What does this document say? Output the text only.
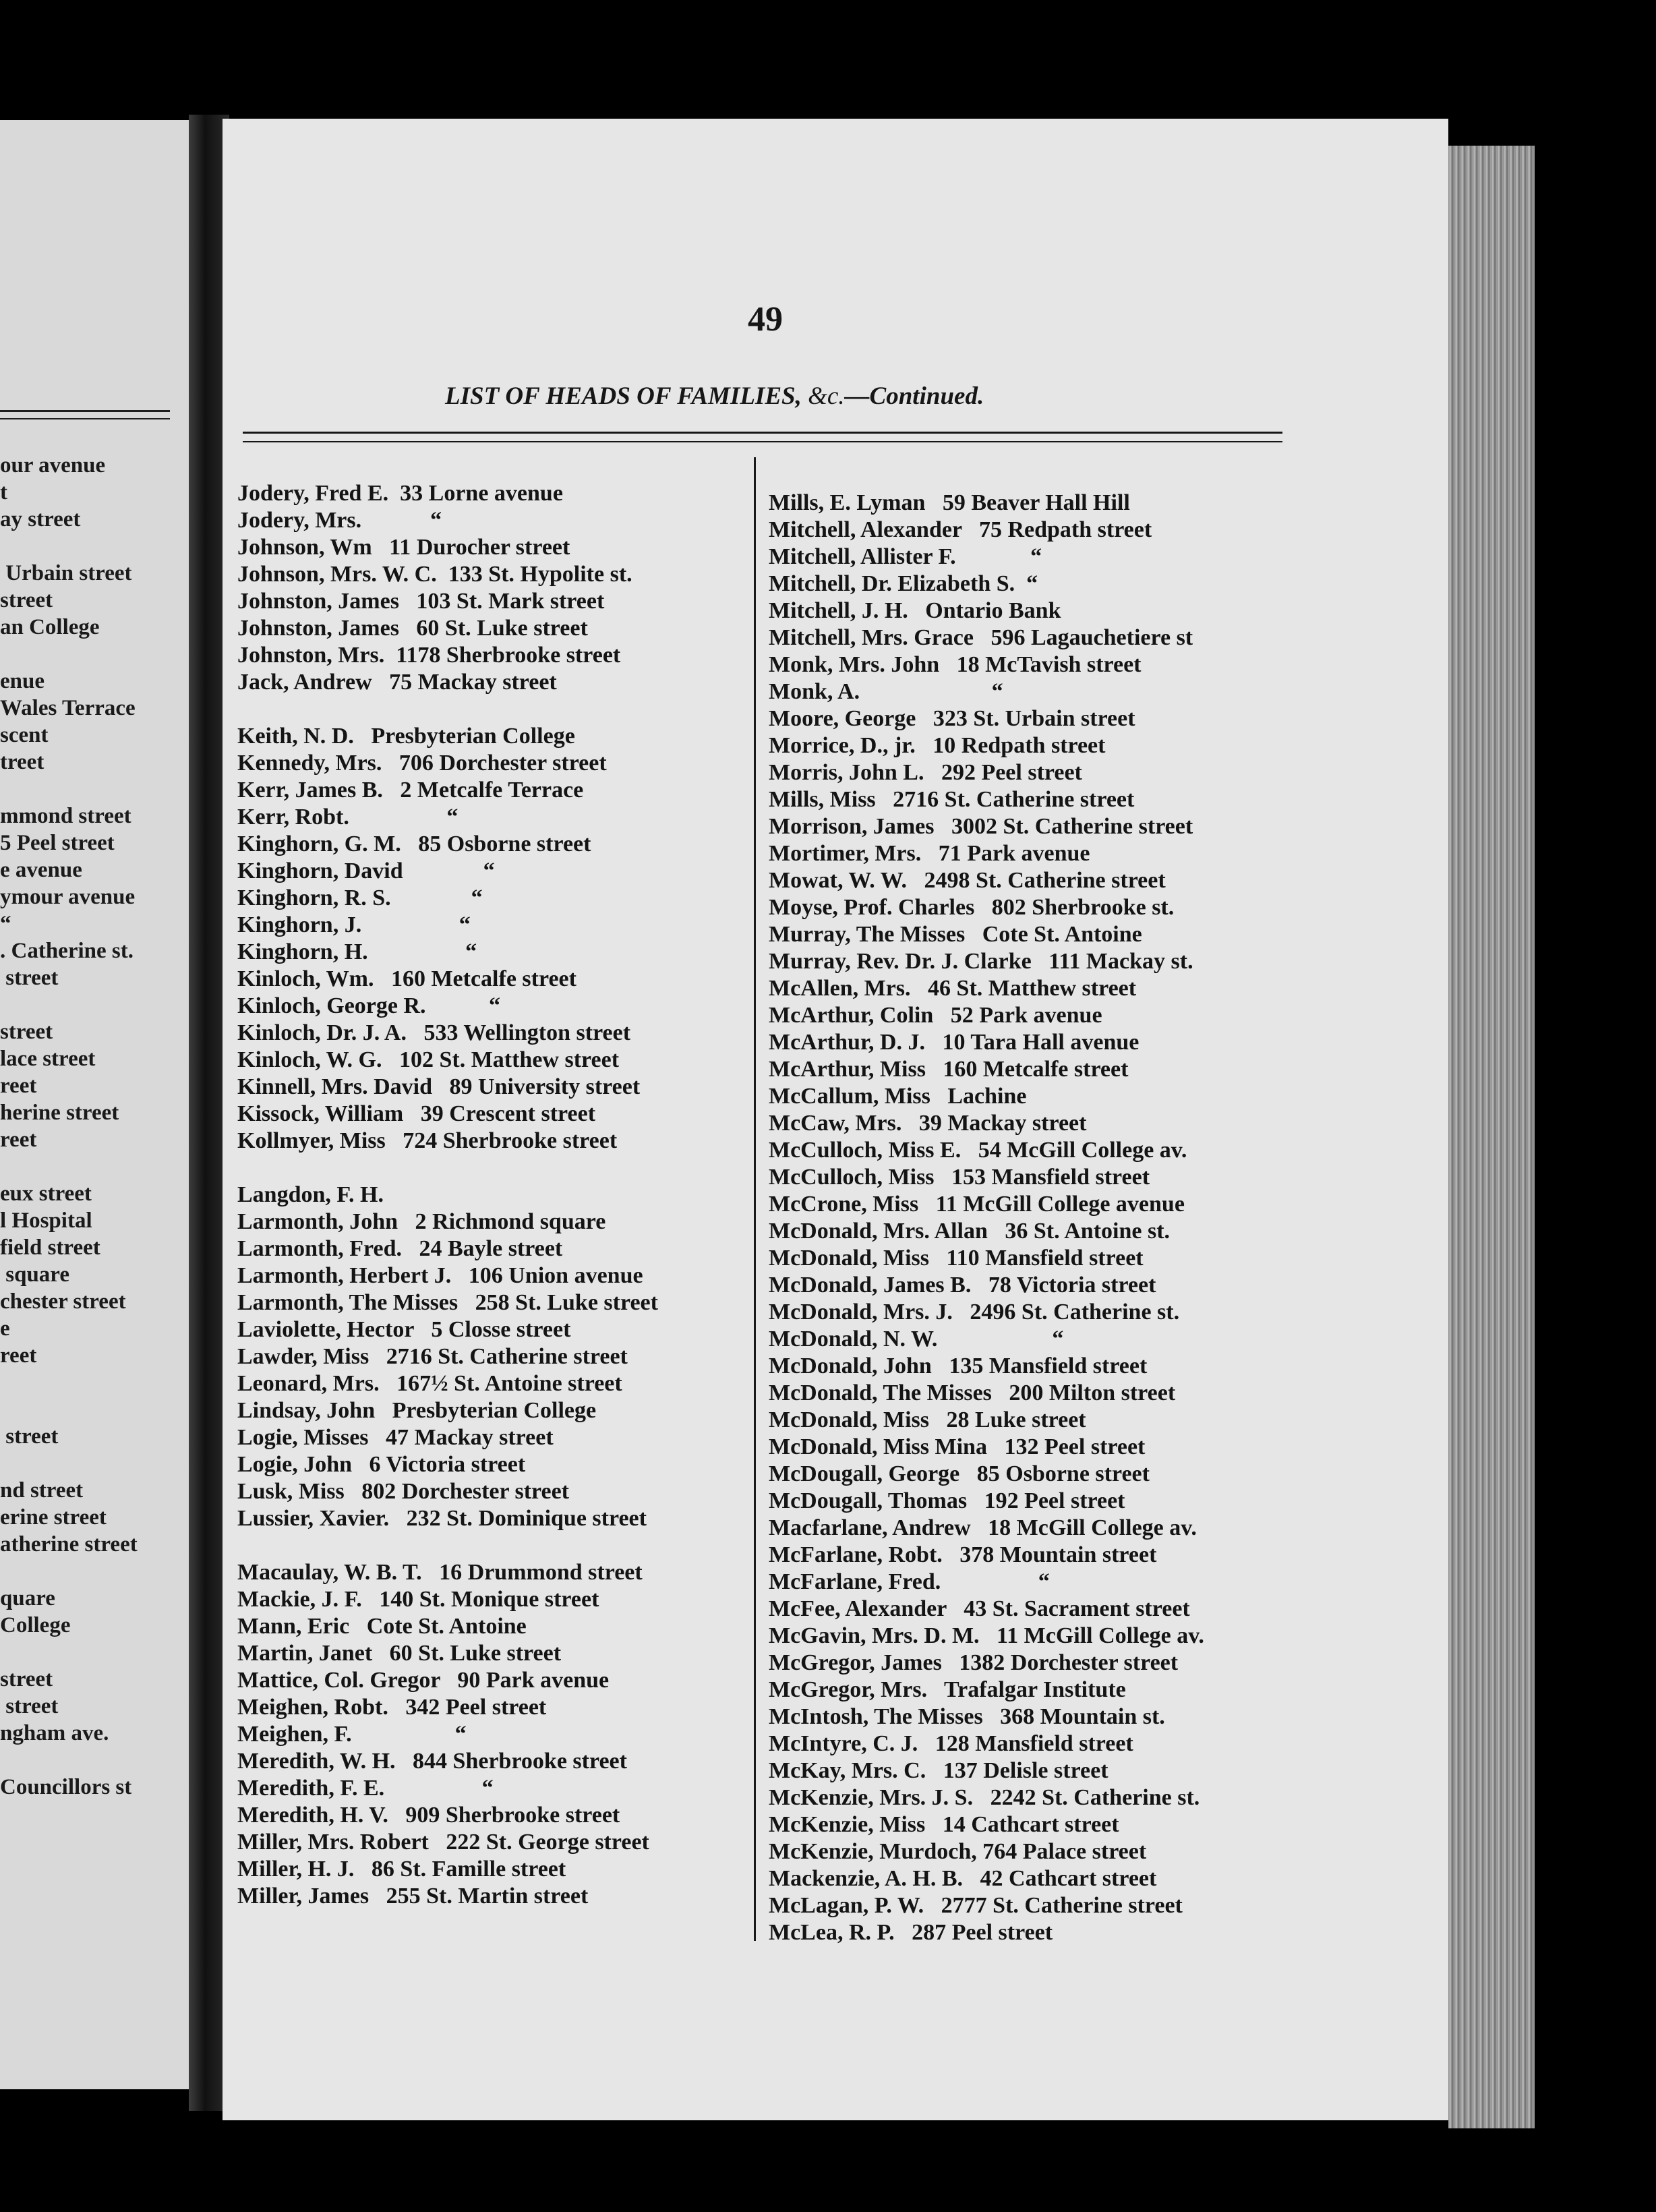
our avenue
t
ay street
Urbain street
street
an College
enue
Wales Terrace
scent
treet
mmond street
5 Peel street
e avenue
ymour avenue
“
. Catherine st.
street
street
lace street
reet
herine street
reet
eux street
l Hospital
field street
square
chester street
e
reet
street
nd street
erine street
atherine street
quare
College
street
street
ngham ave.
Councillors st
49
LIST OF HEADS OF FAMILIES, &c.—Continued.
Jodery, Fred E.  33 Lorne avenue
Jodery, Mrs.            “
Johnson, Wm   11 Durocher street
Johnson, Mrs. W. C.  133 St. Hypolite st.
Johnston, James   103 St. Mark street
Johnston, James   60 St. Luke street
Johnston, Mrs.  1178 Sherbrooke street
Jack, Andrew   75 Mackay street
Keith, N. D.   Presbyterian College
Kennedy, Mrs.   706 Dorchester street
Kerr, James B.   2 Metcalfe Terrace
Kerr, Robt.                 “
Kinghorn, G. M.   85 Osborne street
Kinghorn, David              “
Kinghorn, R. S.              “
Kinghorn, J.                 “
Kinghorn, H.                 “
Kinloch, Wm.   160 Metcalfe street
Kinloch, George R.           “
Kinloch, Dr. J. A.   533 Wellington street
Kinloch, W. G.   102 St. Matthew street
Kinnell, Mrs. David   89 University street
Kissock, William   39 Crescent street
Kollmyer, Miss   724 Sherbrooke street
Langdon, F. H.
Larmonth, John   2 Richmond square
Larmonth, Fred.   24 Bayle street
Larmonth, Herbert J.   106 Union avenue
Larmonth, The Misses   258 St. Luke street
Laviolette, Hector   5 Closse street
Lawder, Miss   2716 St. Catherine street
Leonard, Mrs.   167½ St. Antoine street
Lindsay, John   Presbyterian College
Logie, Misses   47 Mackay street
Logie, John   6 Victoria street
Lusk, Miss   802 Dorchester street
Lussier, Xavier.   232 St. Dominique street
Macaulay, W. B. T.   16 Drummond street
Mackie, J. F.   140 St. Monique street
Mann, Eric   Cote St. Antoine
Martin, Janet   60 St. Luke street
Mattice, Col. Gregor   90 Park avenue
Meighen, Robt.   342 Peel street
Meighen, F.                  “
Meredith, W. H.   844 Sherbrooke street
Meredith, F. E.                 “
Meredith, H. V.   909 Sherbrooke street
Miller, Mrs. Robert   222 St. George street
Miller, H. J.   86 St. Famille street
Miller, James   255 St. Martin street
Mills, E. Lyman   59 Beaver Hall Hill
Mitchell, Alexander   75 Redpath street
Mitchell, Allister F.             “
Mitchell, Dr. Elizabeth S.  “
Mitchell, J. H.   Ontario Bank
Mitchell, Mrs. Grace   596 Lagauchetiere st
Monk, Mrs. John   18 McTavish street
Monk, A.                       “
Moore, George   323 St. Urbain street
Morrice, D., jr.   10 Redpath street
Morris, John L.   292 Peel street
Mills, Miss   2716 St. Catherine street
Morrison, James   3002 St. Catherine street
Mortimer, Mrs.   71 Park avenue
Mowat, W. W.   2498 St. Catherine street
Moyse, Prof. Charles   802 Sherbrooke st.
Murray, The Misses   Cote St. Antoine
Murray, Rev. Dr. J. Clarke   111 Mackay st.
McAllen, Mrs.   46 St. Matthew street
McArthur, Colin   52 Park avenue
McArthur, D. J.   10 Tara Hall avenue
McArthur, Miss   160 Metcalfe street
McCallum, Miss   Lachine
McCaw, Mrs.   39 Mackay street
McCulloch, Miss E.   54 McGill College av.
McCulloch, Miss   153 Mansfield street
McCrone, Miss   11 McGill College avenue
McDonald, Mrs. Allan   36 St. Antoine st.
McDonald, Miss   110 Mansfield street
McDonald, James B.   78 Victoria street
McDonald, Mrs. J.   2496 St. Catherine st.
McDonald, N. W.                    “
McDonald, John   135 Mansfield street
McDonald, The Misses   200 Milton street
McDonald, Miss   28 Luke street
McDonald, Miss Mina   132 Peel street
McDougall, George   85 Osborne street
McDougall, Thomas   192 Peel street
Macfarlane, Andrew   18 McGill College av.
McFarlane, Robt.   378 Mountain street
McFarlane, Fred.                 “
McFee, Alexander   43 St. Sacrament street
McGavin, Mrs. D. M.   11 McGill College av.
McGregor, James   1382 Dorchester street
McGregor, Mrs.   Trafalgar Institute
McIntosh, The Misses   368 Mountain st.
McIntyre, C. J.   128 Mansfield street
McKay, Mrs. C.   137 Delisle street
McKenzie, Mrs. J. S.   2242 St. Catherine st.
McKenzie, Miss   14 Cathcart street
McKenzie, Murdoch, 764 Palace street
Mackenzie, A. H. B.   42 Cathcart street
McLagan, P. W.   2777 St. Catherine street
McLea, R. P.   287 Peel street
